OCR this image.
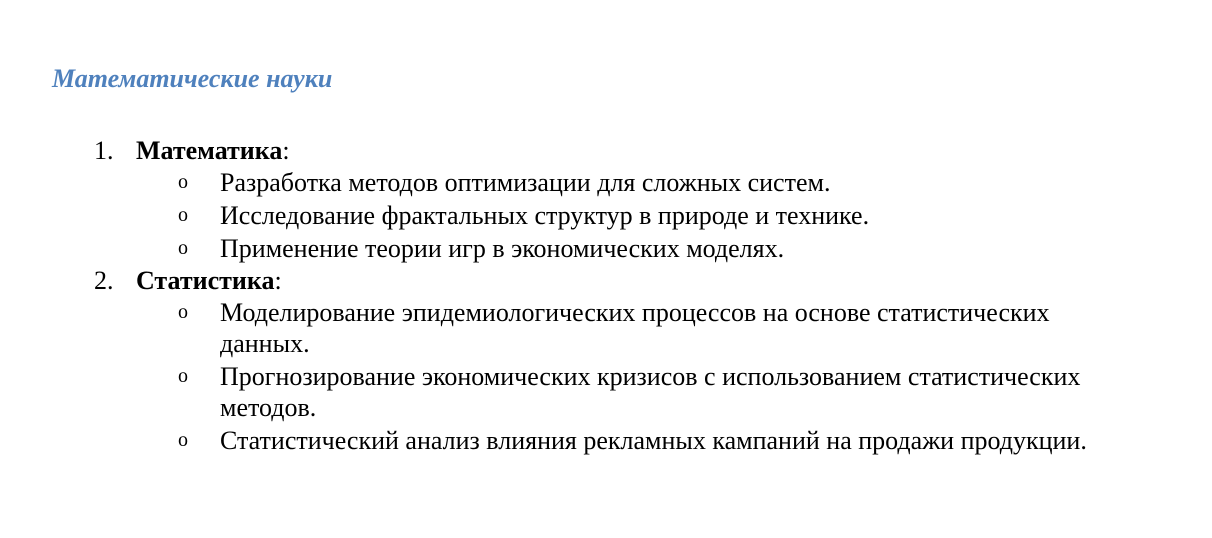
Математические науки
1. Математика:
o Разработка методов оптимизации для сложных систем.
o Исследование фрактальных структур в природе и технике.
o Применение теории игр в экономических моделях.
2. Статистика:
o Моделирование эпидемиологических процессов на основе статистических данных.
o Прогнозирование экономических кризисов с использованием статистических методов.
o Статистический анализ влияния рекламных кампаний на продажи продукции.
